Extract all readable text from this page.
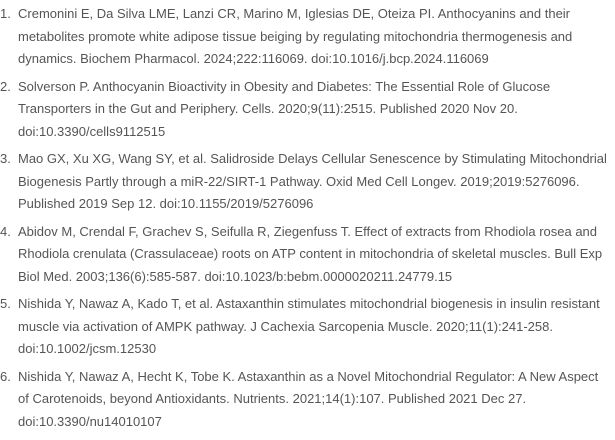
1. Cremonini E, Da Silva LME, Lanzi CR, Marino M, Iglesias DE, Oteiza PI. Anthocyanins and their metabolites promote white adipose tissue beiging by regulating mitochondria thermogenesis and dynamics. Biochem Pharmacol. 2024;222:116069. doi:10.1016/j.bcp.2024.116069
2. Solverson P. Anthocyanin Bioactivity in Obesity and Diabetes: The Essential Role of Glucose Transporters in the Gut and Periphery. Cells. 2020;9(11):2515. Published 2020 Nov 20. doi:10.3390/cells9112515
3. Mao GX, Xu XG, Wang SY, et al. Salidroside Delays Cellular Senescence by Stimulating Mitochondrial Biogenesis Partly through a miR-22/SIRT-1 Pathway. Oxid Med Cell Longev. 2019;2019:5276096. Published 2019 Sep 12. doi:10.1155/2019/5276096
4. Abidov M, Crendal F, Grachev S, Seifulla R, Ziegenfuss T. Effect of extracts from Rhodiola rosea and Rhodiola crenulata (Crassulaceae) roots on ATP content in mitochondria of skeletal muscles. Bull Exp Biol Med. 2003;136(6):585-587. doi:10.1023/b:bebm.0000020211.24779.15
5. Nishida Y, Nawaz A, Kado T, et al. Astaxanthin stimulates mitochondrial biogenesis in insulin resistant muscle via activation of AMPK pathway. J Cachexia Sarcopenia Muscle. 2020;11(1):241-258. doi:10.1002/jcsm.12530
6. Nishida Y, Nawaz A, Hecht K, Tobe K. Astaxanthin as a Novel Mitochondrial Regulator: A New Aspect of Carotenoids, beyond Antioxidants. Nutrients. 2021;14(1):107. Published 2021 Dec 27. doi:10.3390/nu14010107
